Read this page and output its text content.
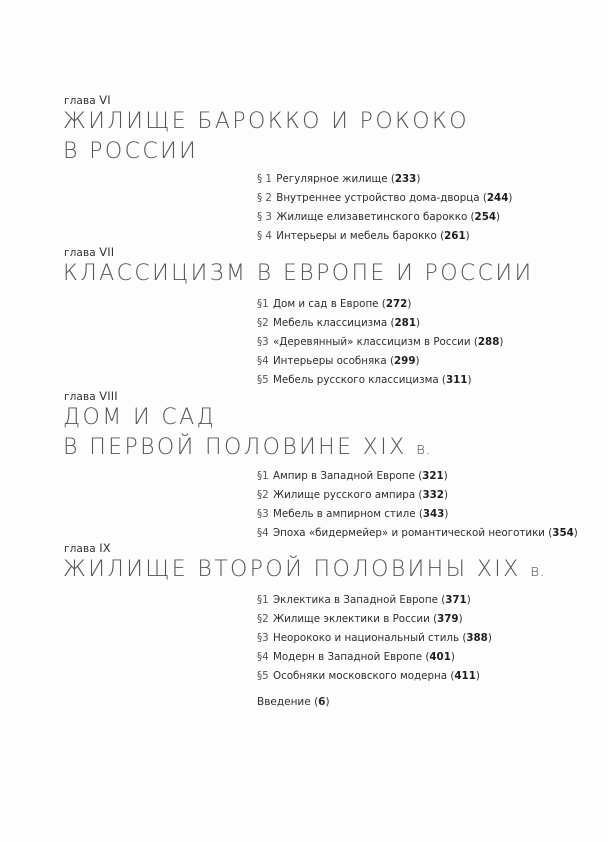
глава VI
ЖИЛИЩЕ БАРОККО И РОКОКО
В РОССИИ
§ 1 Регулярное жилище (233)
§ 2 Внутреннее устройство дома-дворца (244)
§ 3 Жилище елизаветинского барокко (254)
§ 4 Интерьеры и мебель барокко (261)
глава VII
КЛАССИЦИЗМ В ЕВРОПЕ И РОССИИ
§1 Дом и сад в Европе (272)
§2 Мебель классицизма (281)
§3 «Деревянный» классицизм в России (288)
§4 Интерьеры особняка (299)
§5 Мебель русского классицизма (311)
глава VIII
ДОМ И САД
В ПЕРВОЙ ПОЛОВИНЕ XIX в.
§1 Ампир в Западной Европе (321)
§2 Жилище русского ампира (332)
§3 Мебель в ампирном стиле (343)
§4 Эпоха «бидермейер» и романтической неоготики (354)
глава IX
ЖИЛИЩЕ ВТОРОЙ ПОЛОВИНЫ XIX в.
§1 Эклектика в Западной Европе (371)
§2 Жилище эклектики в России (379)
§3 Неорококо и национальный стиль (388)
§4 Модерн в Западной Европе (401)
§5 Особняки московского модерна (411)
Введение (6)
